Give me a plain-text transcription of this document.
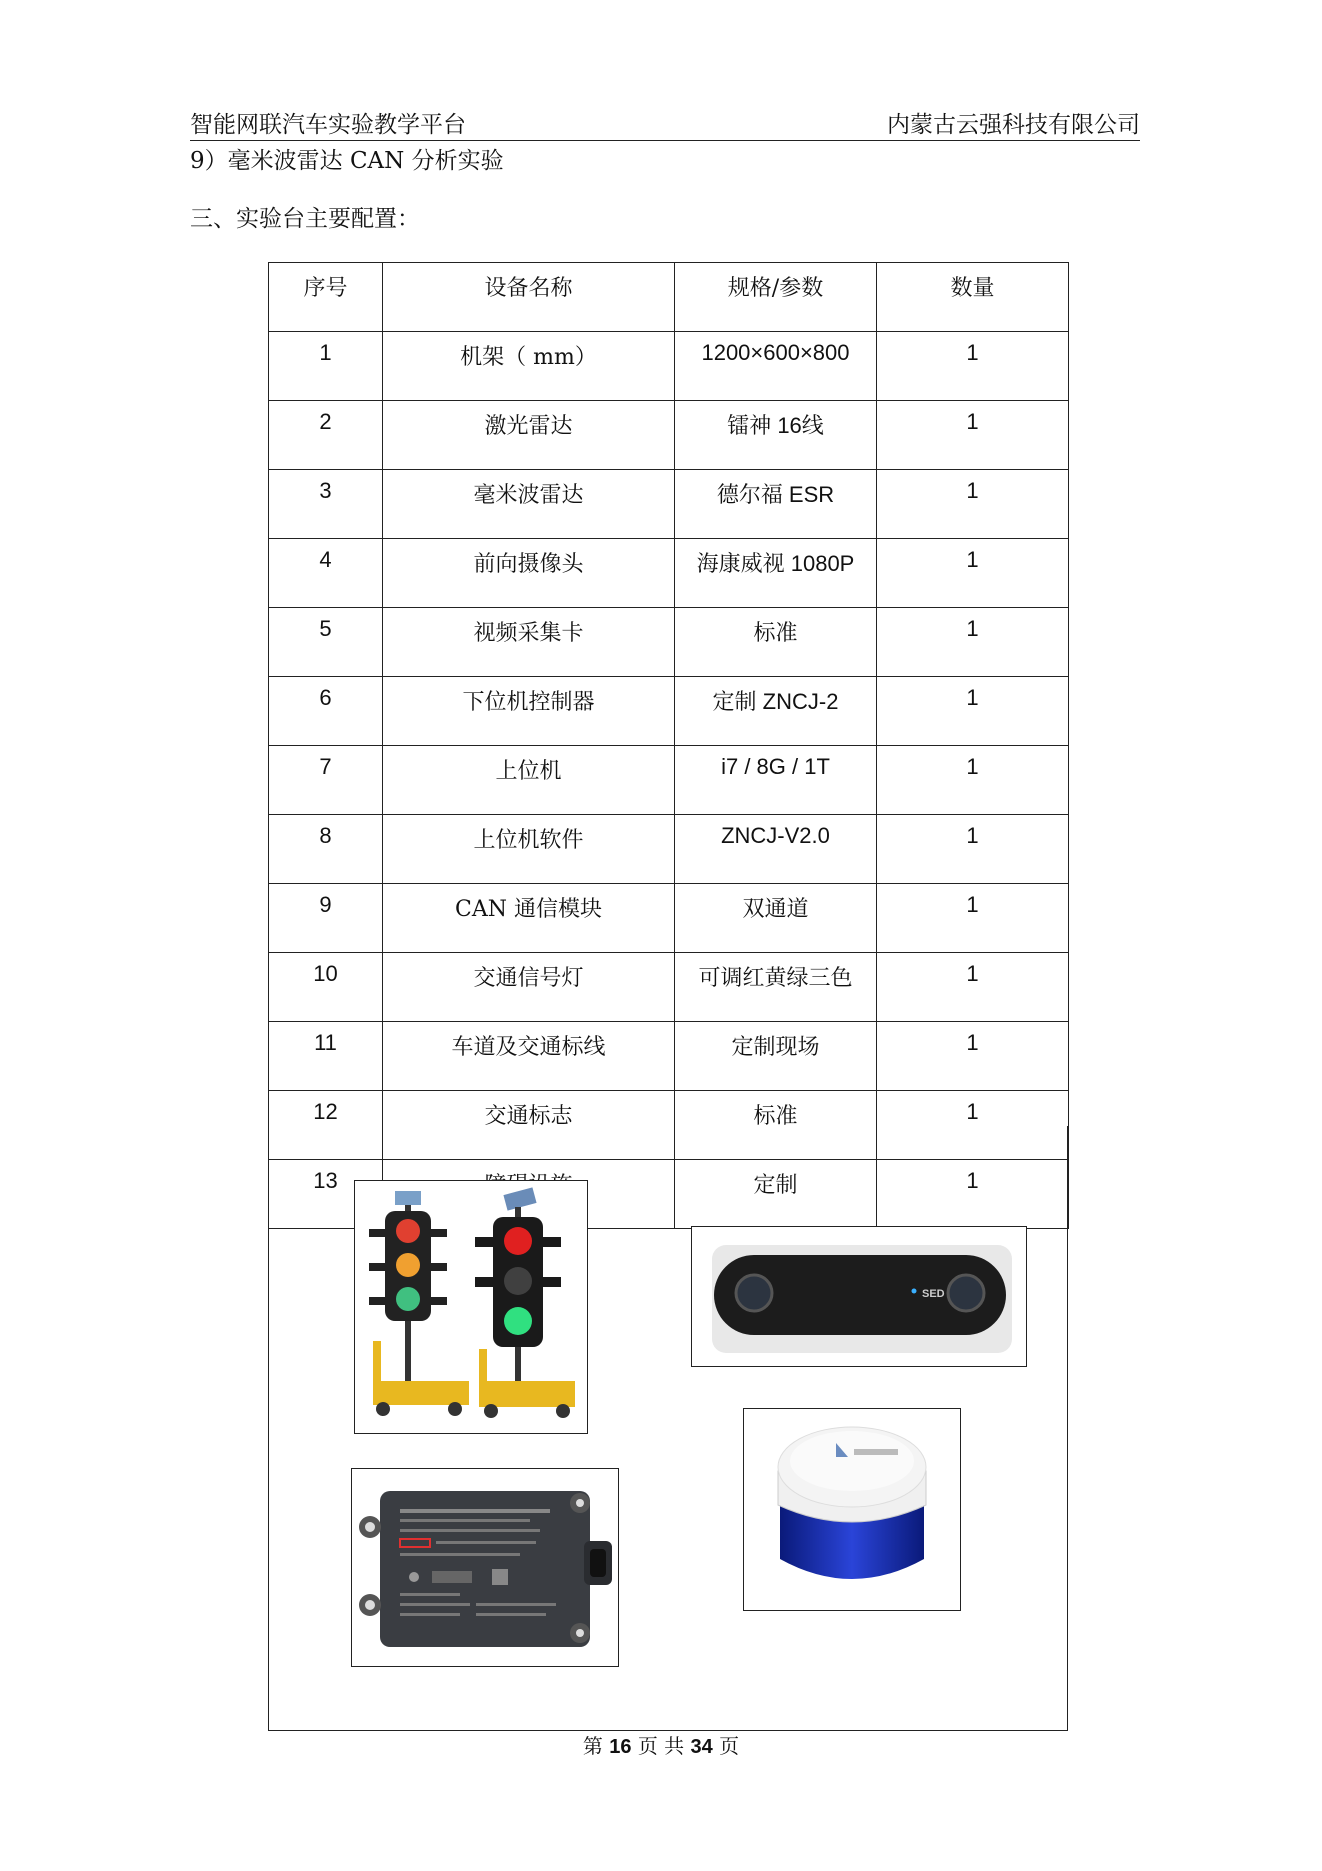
智能网联汽车实验教学平台	内蒙古云强科技有限公司
9）毫米波雷达 CAN 分析实验
三、实验台主要配置：
序号	设备名称	规格/参数	数量
1	机架（ mm）	1200×600×800	1
2	激光雷达	镭神 16线	1
3	毫米波雷达	德尔福 ESR	1
4	前向摄像头	海康威视 1080P	1
5	视频采集卡	标准	1
6	下位机控制器	定制 ZNCJ-2	1
7	上位机	i7 / 8G / 1T	1
8	上位机软件	ZNCJ-V2.0	1
9	CAN 通信模块	双通道	1
10	交通信号灯	可调红黄绿三色	1
11	车道及交通标线	定制现场	1
12	交通标志	标准	1
13		定制	1
SED
第 16 页 共 34 页
